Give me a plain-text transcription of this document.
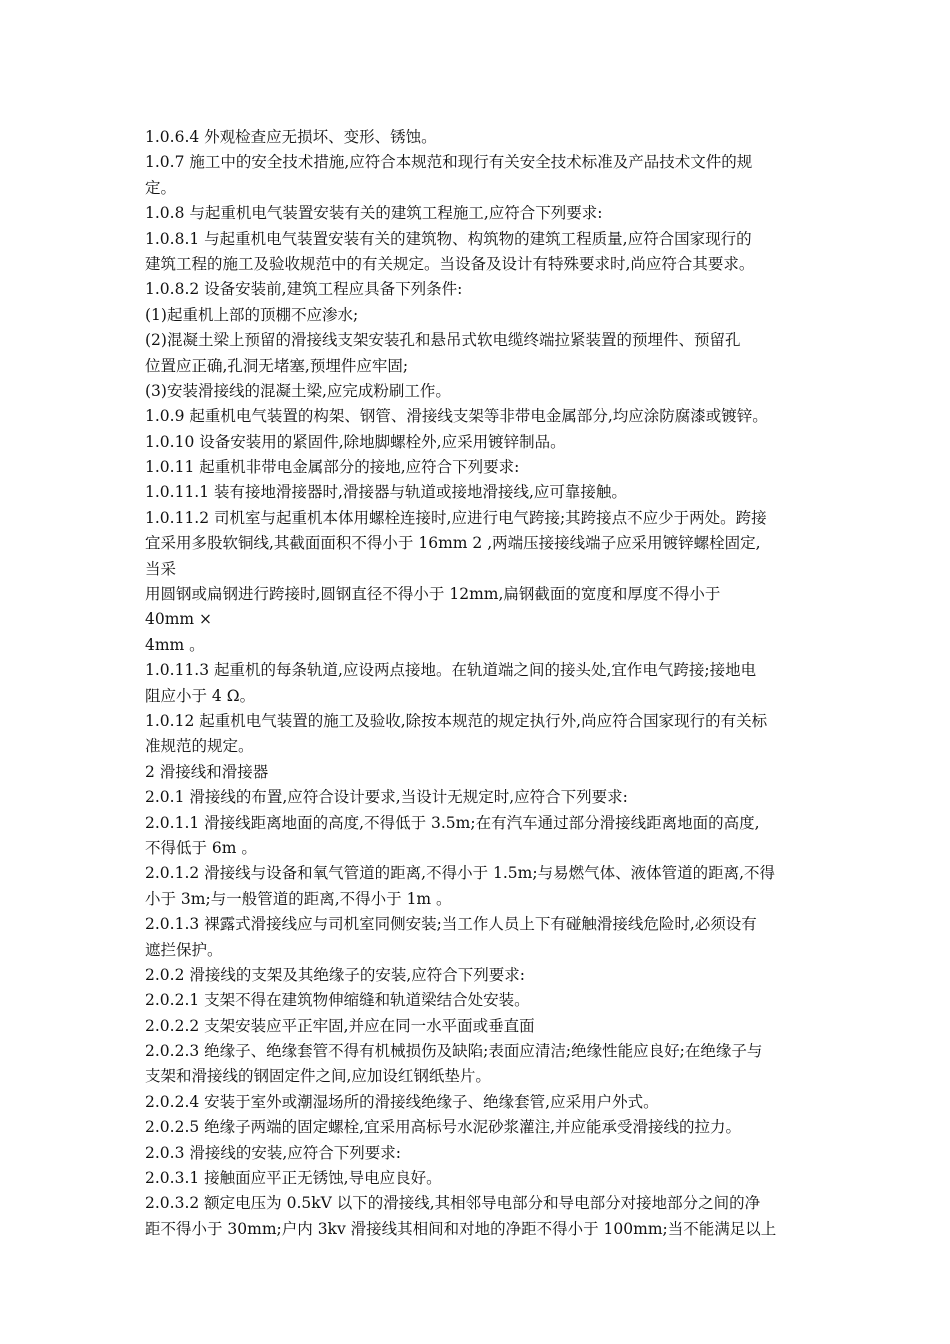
1.0.6.4 外观检查应无损坏、变形、锈蚀。
1.0.7 施工中的安全技术措施,应符合本规范和现行有关安全技术标准及产品技术文件的规
定。
1.0.8 与起重机电气装置安装有关的建筑工程施工,应符合下列要求:
1.0.8.1 与起重机电气装置安装有关的建筑物、构筑物的建筑工程质量,应符合国家现行的
建筑工程的施工及验收规范中的有关规定。当设备及设计有特殊要求时,尚应符合其要求。
1.0.8.2 设备安装前,建筑工程应具备下列条件:
(1)起重机上部的顶棚不应渗水;
(2)混凝土梁上预留的滑接线支架安装孔和悬吊式软电缆终端拉紧装置的预埋件、预留孔
位置应正确,孔洞无堵塞,预埋件应牢固;
(3)安装滑接线的混凝土梁,应完成粉刷工作。
1.0.9 起重机电气装置的构架、钢管、滑接线支架等非带电金属部分,均应涂防腐漆或镀锌。
1.0.10 设备安装用的紧固件,除地脚螺栓外,应采用镀锌制品。
1.0.11 起重机非带电金属部分的接地,应符合下列要求:
1.0.11.1 装有接地滑接器时,滑接器与轨道或接地滑接线,应可靠接触。
1.0.11.2 司机室与起重机本体用螺栓连接时,应进行电气跨接;其跨接点不应少于两处。跨接
宜采用多股软铜线,其截面面积不得小于 16mm 2 ,两端压接接线端子应采用镀锌螺栓固定,
当采
用圆钢或扁钢进行跨接时,圆钢直径不得小于 12mm,扁钢截面的宽度和厚度不得小于
40mm ×
4mm 。
1.0.11.3 起重机的每条轨道,应设两点接地。在轨道端之间的接头处,宜作电气跨接;接地电
阻应小于 4 Ω。
1.0.12 起重机电气装置的施工及验收,除按本规范的规定执行外,尚应符合国家现行的有关标
准规范的规定。
2 滑接线和滑接器
2.0.1 滑接线的布置,应符合设计要求,当设计无规定时,应符合下列要求:
2.0.1.1 滑接线距离地面的高度,不得低于 3.5m;在有汽车通过部分滑接线距离地面的高度,
不得低于 6m 。
2.0.1.2 滑接线与设备和氧气管道的距离,不得小于 1.5m;与易燃气体、液体管道的距离,不得
小于 3m;与一般管道的距离,不得小于 1m 。
2.0.1.3 裸露式滑接线应与司机室同侧安装;当工作人员上下有碰触滑接线危险时,必须设有
遮拦保护。
2.0.2 滑接线的支架及其绝缘子的安装,应符合下列要求:
2.0.2.1 支架不得在建筑物伸缩缝和轨道梁结合处安装。
2.0.2.2 支架安装应平正牢固,并应在同一水平面或垂直面
2.0.2.3 绝缘子、绝缘套管不得有机械损伤及缺陷;表面应清洁;绝缘性能应良好;在绝缘子与
支架和滑接线的钢固定件之间,应加设红钢纸垫片。
2.0.2.4 安装于室外或潮湿场所的滑接线绝缘子、绝缘套管,应采用户外式。
2.0.2.5 绝缘子两端的固定螺栓,宜采用高标号水泥砂浆灌注,并应能承受滑接线的拉力。
2.0.3 滑接线的安装,应符合下列要求:
2.0.3.1 接触面应平正无锈蚀,导电应良好。
2.0.3.2 额定电压为 0.5kV 以下的滑接线,其相邻导电部分和导电部分对接地部分之间的净
距不得小于 30mm;户内 3kv 滑接线其相间和对地的净距不得小于 100mm;当不能满足以上
